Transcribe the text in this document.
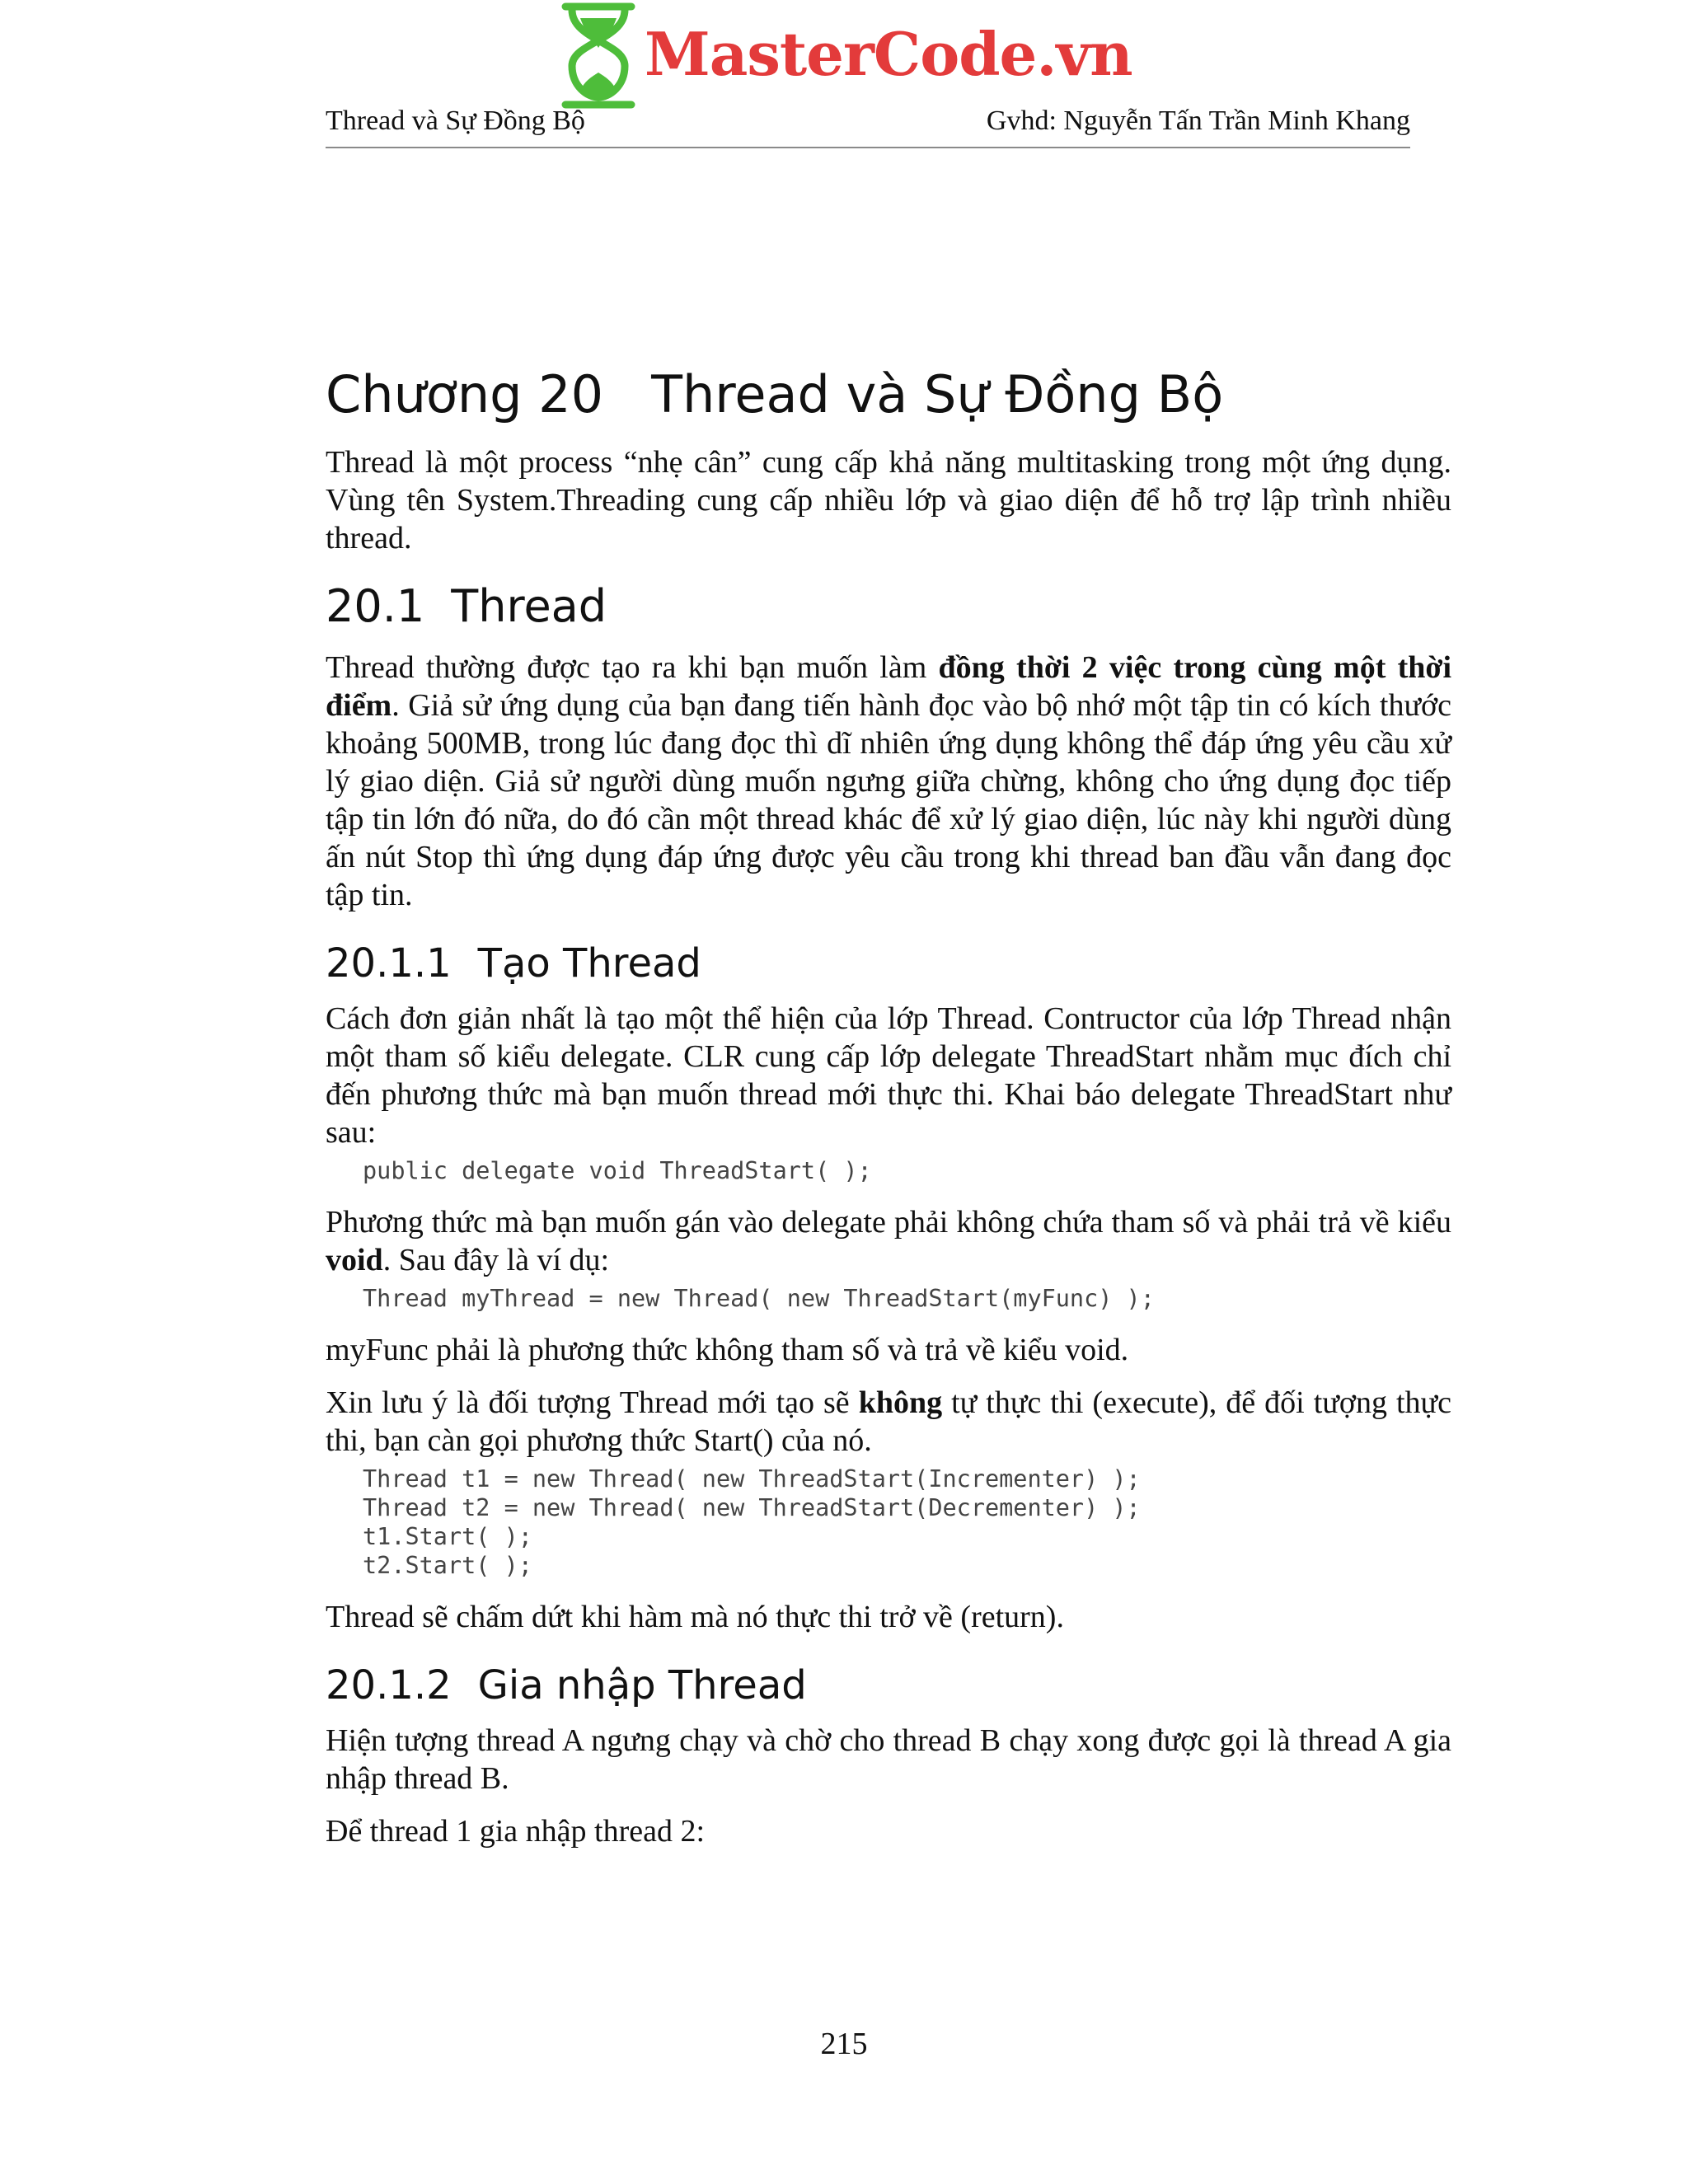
MasterCode.vn
Thread và Sự Đồng Bộ	Gvhd: Nguyễn Tấn Trần Minh Khang
Chương 20 Thread và Sự Đồng Bộ

Thread là một process “nhẹ cân” cung cấp khả năng multitasking trong một ứng dụng. Vùng tên System.Threading cung cấp nhiều lớp và giao diện để hỗ trợ lập trình nhiều thread.

20.1 Thread

Thread thường được tạo ra khi bạn muốn làm đồng thời 2 việc trong cùng một thời điểm. Giả sử ứng dụng của bạn đang tiến hành đọc vào bộ nhớ một tập tin có kích thước khoảng 500MB, trong lúc đang đọc thì dĩ nhiên ứng dụng không thể đáp ứng yêu cầu xử lý giao diện. Giả sử người dùng muốn ngưng giữa chừng, không cho ứng dụng đọc tiếp tập tin lớn đó nữa, do đó cần một thread khác để xử lý giao diện, lúc này khi người dùng ấn nút Stop thì ứng dụng đáp ứng được yêu cầu trong khi thread ban đầu vẫn đang đọc tập tin.

20.1.1 Tạo Thread

Cách đơn giản nhất là tạo một thể hiện của lớp Thread. Contructor của lớp Thread nhận một tham số kiểu delegate. CLR cung cấp lớp delegate ThreadStart nhằm mục đích chỉ đến phương thức mà bạn muốn thread mới thực thi. Khai báo delegate ThreadStart như sau:

public delegate void ThreadStart( );

Phương thức mà bạn muốn gán vào delegate phải không chứa tham số và phải trả về kiểu void. Sau đây là ví dụ:

Thread myThread = new Thread( new ThreadStart(myFunc) );

myFunc phải là phương thức không tham số và trả về kiểu void.

Xin lưu ý là đối tượng Thread mới tạo sẽ không tự thực thi (execute), để đối tượng thực thi, bạn càn gọi phương thức Start() của nó.

Thread t1 = new Thread( new ThreadStart(Incrementer) );
Thread t2 = new Thread( new ThreadStart(Decrementer) );
t1.Start( );
t2.Start( );

Thread sẽ chấm dứt khi hàm mà nó thực thi trở về (return).

20.1.2 Gia nhập Thread

Hiện tượng thread A ngưng chạy và chờ cho thread B chạy xong được gọi là thread A gia nhập thread B.

Để thread 1 gia nhập thread 2:

215
